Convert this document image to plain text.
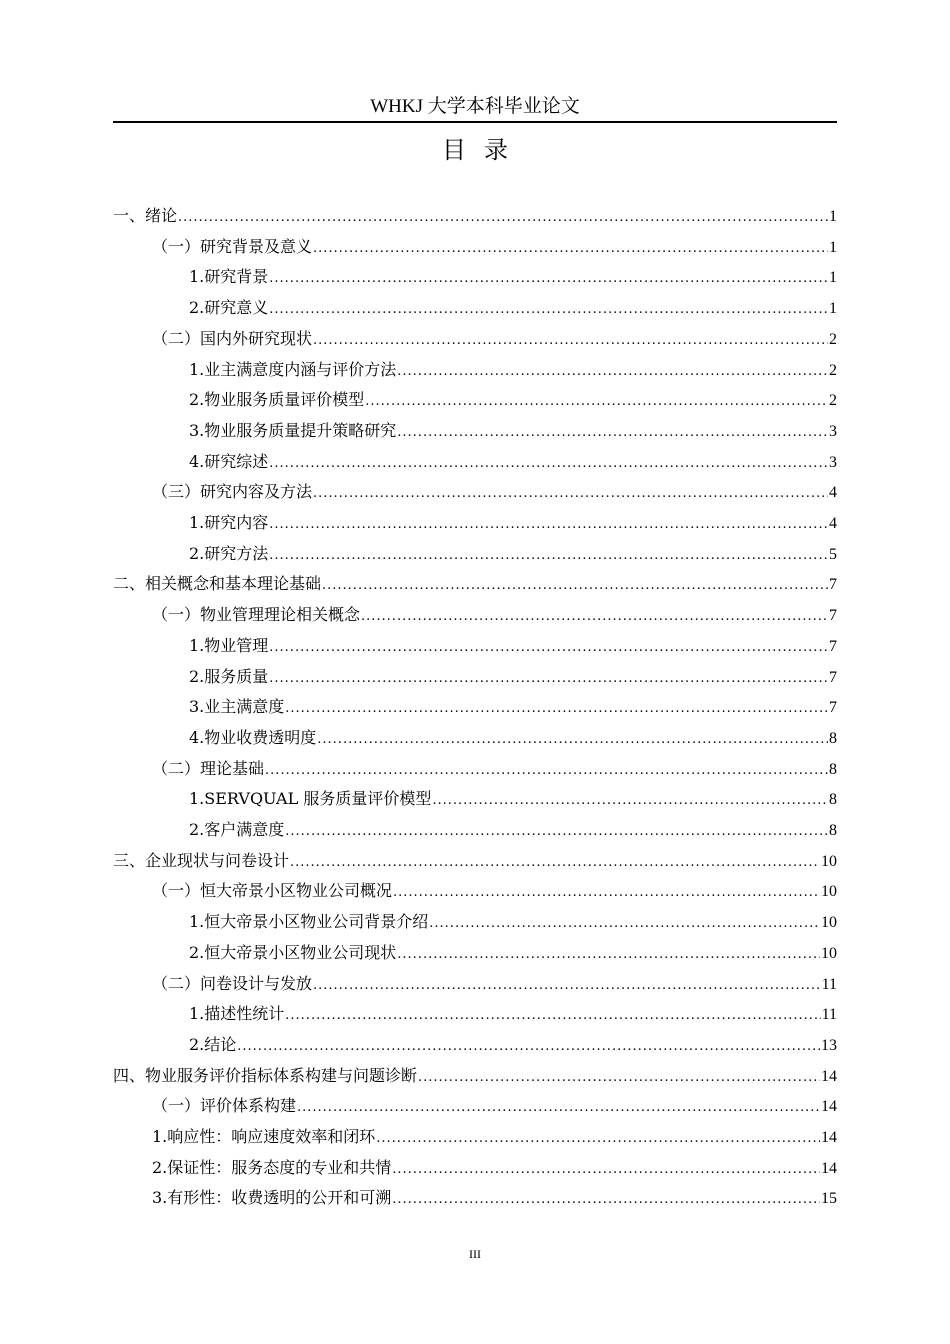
WHKJ 大学本科毕业论文
目录
一、绪论 .....	1
（一）研究背景及意义 .....	1
1.研究背景 .....	1
2.研究意义 .....	1
（二）国内外研究现状 .....	2
1.业主满意度内涵与评价方法 .....	2
2.物业服务质量评价模型 .....	2
3.物业服务质量提升策略研究 .....	3
4.研究综述 .....	3
（三）研究内容及方法 .....	4
1.研究内容 .....	4
2.研究方法 .....	5
二、相关概念和基本理论基础 .....	7
（一）物业管理理论相关概念 .....	7
1.物业管理 .....	7
2.服务质量 .....	7
3.业主满意度 .....	7
4.物业收费透明度 .....	8
（二）理论基础 .....	8
1.SERVQUAL 服务质量评价模型 .....	8
2.客户满意度 .....	8
三、企业现状与问卷设计 .....	10
（一）恒大帝景小区物业公司概况 .....	10
1.恒大帝景小区物业公司背景介绍 .....	10
2.恒大帝景小区物业公司现状 .....	10
（二）问卷设计与发放 .....	11
1.描述性统计 .....	11
2.结论 .....	13
四、物业服务评价指标体系构建与问题诊断 .....	14
（一）评价体系构建 .....	14
1.响应性：响应速度效率和闭环 .....	14
2.保证性：服务态度的专业和共情 .....	14
3.有形性：收费透明的公开和可溯 .....	15
III
